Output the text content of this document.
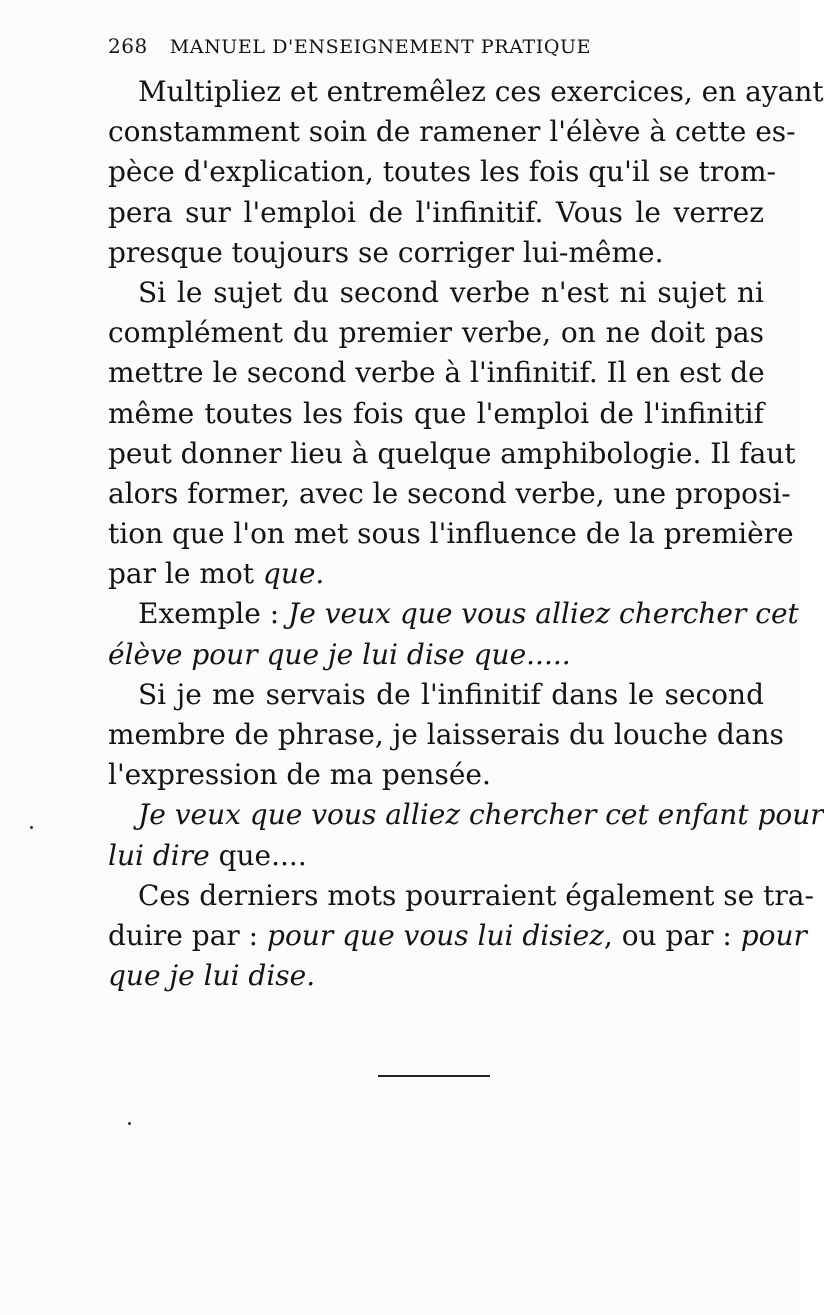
268 MANUEL D'ENSEIGNEMENT PRATIQUE
Multipliez et entremêlez ces exercices, en ayant
constamment soin de ramener l'élève à cette es-
pèce d'explication, toutes les fois qu'il se trom-
pera sur l'emploi de l'infinitif. Vous le verrez
presque toujours se corriger lui-même.
Si le sujet du second verbe n'est ni sujet ni
complément du premier verbe, on ne doit pas
mettre le second verbe à l'infinitif. Il en est de
même toutes les fois que l'emploi de l'infinitif
peut donner lieu à quelque amphibologie. Il faut
alors former, avec le second verbe, une proposi-
tion que l'on met sous l'influence de la première
par le mot que.
Exemple : Je veux que vous alliez chercher cet
élève pour que je lui dise que.....
Si je me servais de l'infinitif dans le second
membre de phrase, je laisserais du louche dans
l'expression de ma pensée.
Je veux que vous alliez chercher cet enfant pour
lui dire que....
Ces derniers mots pourraient également se tra-
duire par : pour que vous lui disiez, ou par : pour
que je lui dise.
